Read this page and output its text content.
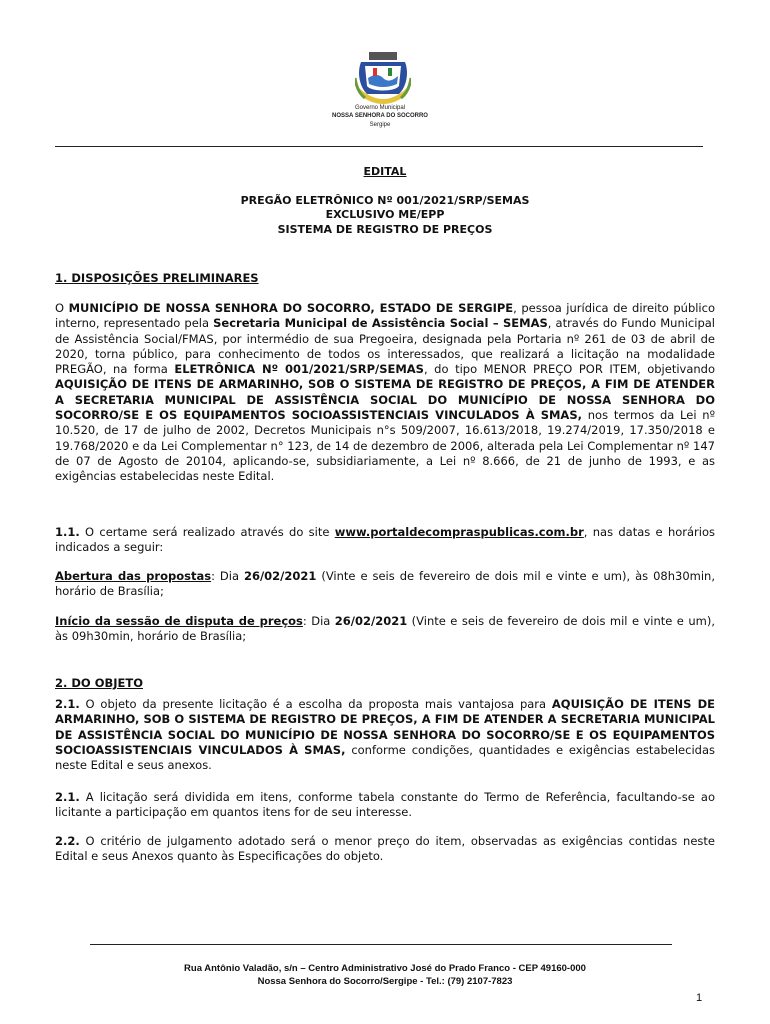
Governo Municipal
NOSSA SENHORA DO SOCORRO
Sergipe
EDITAL
PREGÃO ELETRÔNICO Nº 001/2021/SRP/SEMAS
EXCLUSIVO ME/EPP
SISTEMA DE REGISTRO DE PREÇOS
1. DISPOSIÇÕES PRELIMINARES

O MUNICÍPIO DE NOSSA SENHORA DO SOCORRO, ESTADO DE SERGIPE, pessoa jurídica de direito público interno, representado pela Secretaria Municipal de Assistência Social – SEMAS, através do Fundo Municipal de Assistência Social/FMAS, por intermédio de sua Pregoeira, designada pela Portaria nº 261 de 03 de abril de 2020, torna público, para conhecimento de todos os interessados, que realizará a licitação na modalidade PREGÃO, na forma ELETRÔNICA Nº 001/2021/SRP/SEMAS, do tipo MENOR PREÇO POR ITEM, objetivando AQUISIÇÃO DE ITENS DE ARMARINHO, SOB O SISTEMA DE REGISTRO DE PREÇOS, A FIM DE ATENDER A SECRETARIA MUNICIPAL DE ASSISTÊNCIA SOCIAL DO MUNICÍPIO DE NOSSA SENHORA DO SOCORRO/SE E OS EQUIPAMENTOS SOCIOASSISTENCIAIS VINCULADOS À SMAS, nos termos da Lei nº 10.520, de 17 de julho de 2002, Decretos Municipais n°s 509/2007, 16.613/2018, 19.274/2019, 17.350/2018 e 19.768/2020 e da Lei Complementar n° 123, de 14 de dezembro de 2006, alterada pela Lei Complementar nº 147 de 07 de Agosto de 20104, aplicando-se, subsidiariamente, a Lei nº 8.666, de 21 de junho de 1993, e as exigências estabelecidas neste Edital.

1.1. O certame será realizado através do site www.portaldecompraspublicas.com.br, nas datas e horários indicados a seguir:

Abertura das propostas: Dia 26/02/2021 (Vinte e seis de fevereiro de dois mil e vinte e um), às 08h30min, horário de Brasília;

Início da sessão de disputa de preços: Dia 26/02/2021 (Vinte e seis de fevereiro de dois mil e vinte e um), às 09h30min, horário de Brasília;

2. DO OBJETO

2.1. O objeto da presente licitação é a escolha da proposta mais vantajosa para AQUISIÇÃO DE ITENS DE ARMARINHO, SOB O SISTEMA DE REGISTRO DE PREÇOS, A FIM DE ATENDER A SECRETARIA MUNICIPAL DE ASSISTÊNCIA SOCIAL DO MUNICÍPIO DE NOSSA SENHORA DO SOCORRO/SE E OS EQUIPAMENTOS SOCIOASSISTENCIAIS VINCULADOS À SMAS, conforme condições, quantidades e exigências estabelecidas neste Edital e seus anexos.

2.1. A licitação será dividida em itens, conforme tabela constante do Termo de Referência, facultando-se ao licitante a participação em quantos itens for de seu interesse.

2.2. O critério de julgamento adotado será o menor preço do item, observadas as exigências contidas neste Edital e seus Anexos quanto às Especificações do objeto.

Rua Antônio Valadão, s/n – Centro Administrativo José do Prado Franco - CEP 49160-000
Nossa Senhora do Socorro/Sergipe - Tel.: (79) 2107-7823
1
